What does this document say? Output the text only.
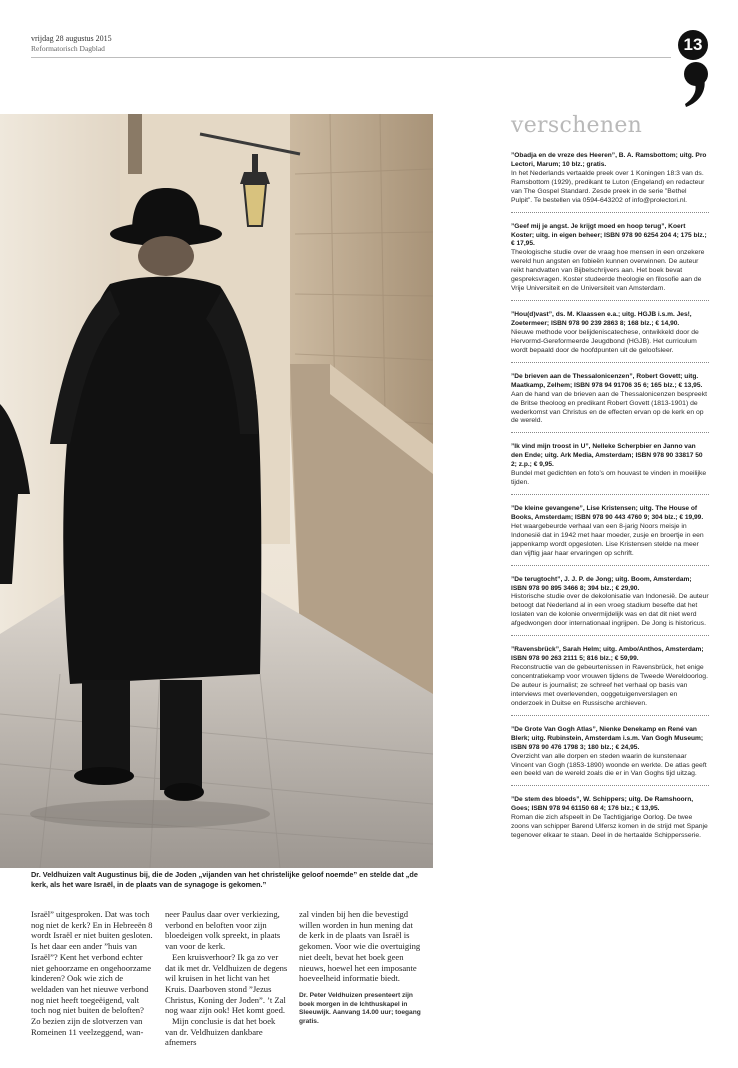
vrijdag 28 augustus 2015
Reformatorisch Dagblad	13
Dr. Veldhuizen valt Augustinus bij, die de Joden „vijanden van het christelijke geloof noemde” en stelde dat „de kerk, als het ware Israël, in de plaats van de synagoge is gekomen.”

Israël” uitgesproken. Dat was toch nog niet de kerk? En in Hebreeën 8 wordt Israël er niet buiten gesloten. Is het daar een ander ”huis van Israël”? Kent het verbond echter niet gehoorzame en ongehoorzame kinderen? Ook wie zich de weldaden van het nieuwe verbond nog niet heeft toegeëigend, valt toch nog niet buiten de beloften? Zo bezien zijn de slotverzen van Romeinen 11 veelzeggend, wan-

neer Paulus daar over verkiezing, verbond en beloften voor zijn bloedeigen volk spreekt, in plaats van voor de kerk.

Een kruisverhoor? Ik ga zo ver dat ik met dr. Veldhuizen de degens wil kruisen in het licht van het Kruis. Daarboven stond ”Jezus Christus, Koning der Joden”. ’t Zal nog waar zijn ook! Het komt goed.

Mijn conclusie is dat het boek van dr. Veldhuizen dankbare afnemers

zal vinden bij hen die bevestigd willen worden in hun mening dat de kerk in de plaats van Israël is gekomen. Voor wie die overtuiging niet deelt, bevat het boek geen nieuws, hoewel het een imposante hoeveelheid informatie biedt.

Dr. Peter Veldhuizen presenteert zijn boek morgen in de Ichthuskapel in Sleeuwijk. Aanvang 14.00 uur; toegang gratis.
verschenen
”Obadja en de vreze des Heeren”, B. A. Ramsbottom; uitg. Pro Lectori, Marum; 10 blz.; gratis.
In het Nederlands vertaalde preek over 1 Koningen 18:3 van ds. Ramsbottom (1929), predikant te Luton (Engeland) en redacteur van The Gospel Standard. Zesde preek in de serie ”Bethel Pulpit”. Te bestellen via 0594-643202 of info@prolectori.nl.
”Geef mij je angst. Je krijgt moed en hoop terug”, Koert Koster; uitg. in eigen beheer; ISBN 978 90 6254 204 4; 175 blz.; € 17,95.
Theologische studie over de vraag hoe mensen in een onzekere wereld hun angsten en fobieën kunnen overwinnen. De auteur reikt handvatten van Bijbelschrijvers aan. Het boek bevat gespreksvragen. Koster studeerde theologie en filosofie aan de Vrije Universiteit en de Universiteit van Amsterdam.
”Hou(d)vast”, ds. M. Klaassen e.a.; uitg. HGJB i.s.m. Jes!, Zoetermeer; ISBN 978 90 239 2863 8; 168 blz.; € 14,90.
Nieuwe methode voor belijdeniscatechese, ontwikkeld door de Hervormd-Gereformeerde Jeugdbond (HGJB). Het curriculum wordt bepaald door de hoofdpunten uit de geloofsleer.
”De brieven aan de Thessalonicenzen”, Robert Govett; uitg. Maatkamp, Zelhem; ISBN 978 94 91706 35 6; 165 blz.; € 13,95.
Aan de hand van de brieven aan de Thessalonicenzen bespreekt de Britse theoloog en predikant Robert Govett (1813-1901) de wederkomst van Christus en de effecten ervan op de kerk en op de wereld.
”Ik vind mijn troost in U”, Nelleke Scherpbier en Janno van den Ende; uitg. Ark Media, Amsterdam; ISBN 978 90 33817 50 2; z.p.; € 9,95.
Bundel met gedichten en foto’s om houvast te vinden in moeilijke tijden.
”De kleine gevangene”, Lise Kristensen; uitg. The House of Books, Amsterdam; ISBN 978 90 443 4760 9; 304 blz.; € 19,99.
Het waargebeurde verhaal van een 8-jarig Noors meisje in Indonesië dat in 1942 met haar moeder, zusje en broertje in een jappenkamp wordt opgesloten. Lise Kristensen stelde na meer dan vijftig jaar haar ervaringen op schrift.
”De terugtocht”, J. J. P. de Jong; uitg. Boom, Amsterdam; ISBN 978 90 895 3466 8; 394 blz.; € 29,90.
Historische studie over de dekolonisatie van Indonesië. De auteur betoogt dat Nederland al in een vroeg stadium besefte dat het loslaten van de kolonie onvermijdelijk was en dat dit niet werd afgedwongen door internationaal ingrijpen. De Jong is historicus.
”Ravensbrück”, Sarah Helm; uitg. Ambo/Anthos, Amsterdam; ISBN 978 90 263 2111 5; 816 blz.; € 59,99.
Reconstructie van de gebeurtenissen in Ravensbrück, het enige concentratiekamp voor vrouwen tijdens de Tweede Wereldoorlog. De auteur is journalist; ze schreef het verhaal op basis van interviews met overlevenden, ooggetuigenverslagen en onderzoek in Duitse en Russische archieven.
”De Grote Van Gogh Atlas”, Nienke Denekamp en René van Blerk; uitg. Rubinstein, Amsterdam i.s.m. Van Gogh Museum; ISBN 978 90 476 1798 3; 180 blz.; € 24,95.
Overzicht van alle dorpen en steden waarin de kunstenaar Vincent van Gogh (1853-1890) woonde en werkte. De atlas geeft een beeld van de wereld zoals die er in Van Goghs tijd uitzag.
”De stem des bloeds”, W. Schippers; uitg. De Ramshoorn, Goes; ISBN 978 94 61150 68 4; 176 blz.; € 13,95.
Roman die zich afspeelt in De Tachtigjarige Oorlog. De twee zoons van schipper Barend Ulfersz komen in de strijd met Spanje tegenover elkaar te staan. Deel in de hertaalde Schippersserie.
